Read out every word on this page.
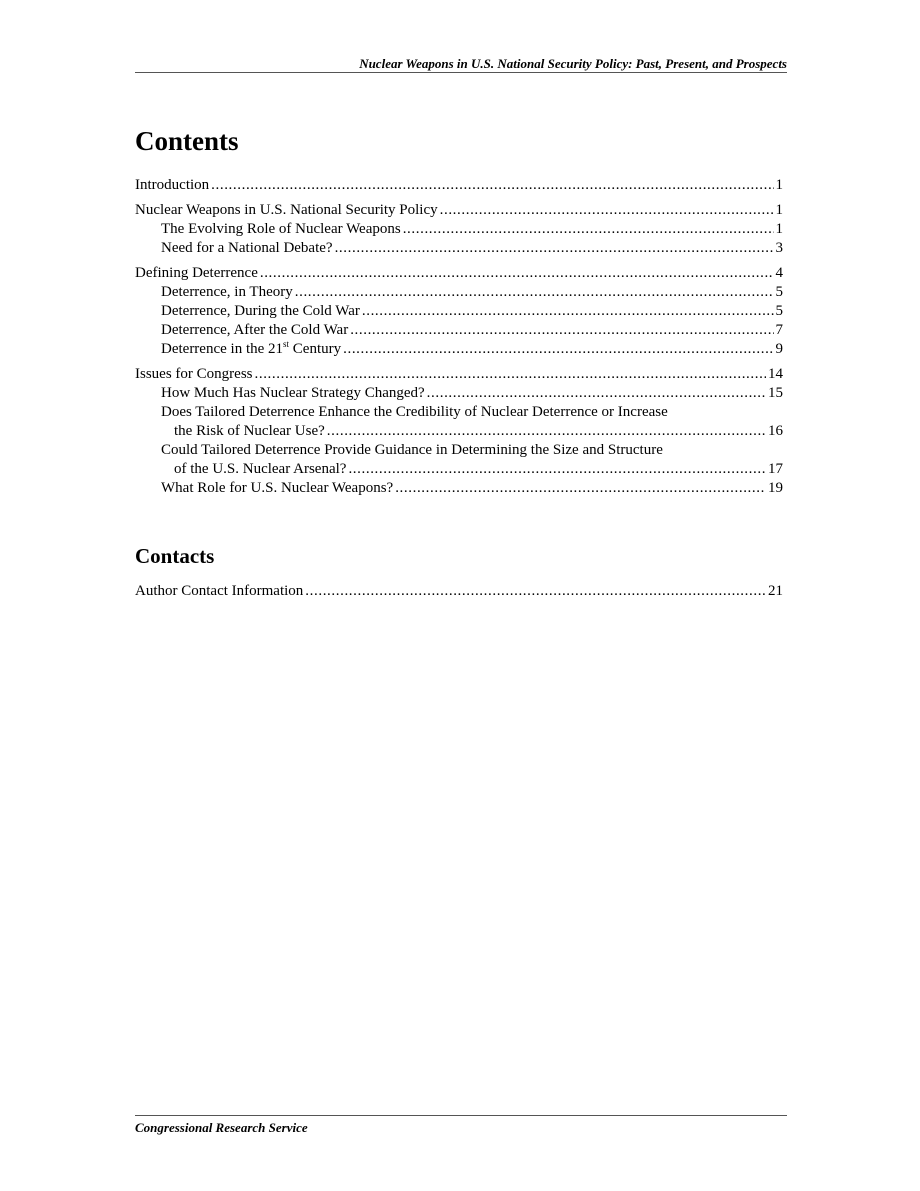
Nuclear Weapons in U.S. National Security Policy: Past, Present, and Prospects
Contents
Introduction .....	1
Nuclear Weapons in U.S. National Security Policy .....	1
The Evolving Role of Nuclear Weapons .....	1
Need for a National Debate? .....	3
Defining Deterrence .....	4
Deterrence, in Theory .....	5
Deterrence, During the Cold War .....	5
Deterrence, After the Cold War .....	7
Deterrence in the 21st Century .....	9
Issues for Congress .....	14
How Much Has Nuclear Strategy Changed? .....	15
Does Tailored Deterrence Enhance the Credibility of Nuclear Deterrence or Increase
the Risk of Nuclear Use? .....	16
Could Tailored Deterrence Provide Guidance in Determining the Size and Structure
of the U.S. Nuclear Arsenal? .....	17
What Role for U.S. Nuclear Weapons? .....	19
Contacts
Author Contact Information .....	21
Congressional Research Service
